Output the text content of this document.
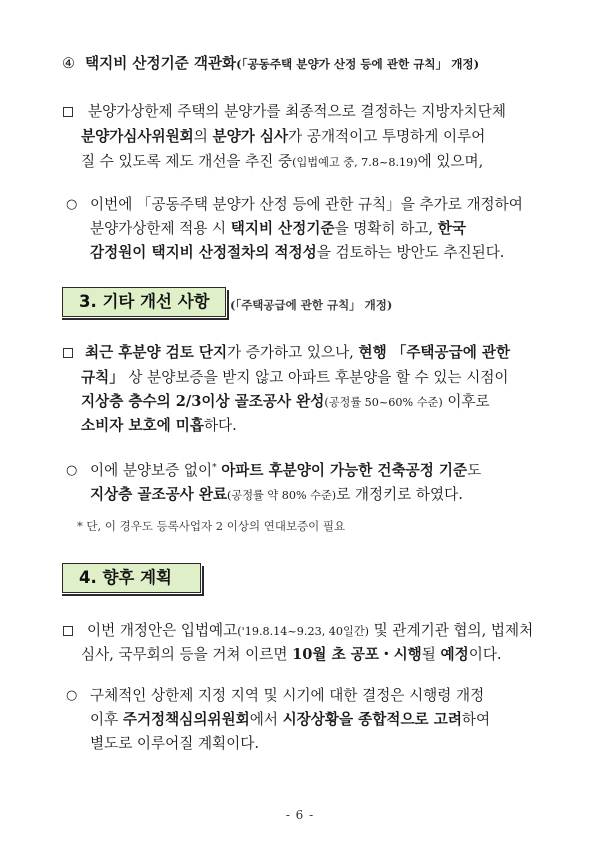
④ 택지비 산정기준 객관화(「공동주택 분양가 산정 등에 관한 규칙」 개정)
분양가상한제 주택의 분양가를 최종적으로 결정하는 지방자치단체
분양가심사위원회의 분양가 심사가 공개적이고 투명하게 이루어
질 수 있도록 제도 개선을 추진 중(입법예고 중, 7.8~8.19)에 있으며,
○ 이번에 「공동주택 분양가 산정 등에 관한 규칙」을 추가로 개정하여
분양가상한제 적용 시 택지비 산정기준을 명확히 하고, 한국
감정원이 택지비 산정절차의 적정성을 검토하는 방안도 추진된다.
3. 기타 개선 사항	(「주택공급에 관한 규칙」 개정)
최근 후분양 검토 단지가 증가하고 있으나, 현행 「주택공급에 관한
규칙」 상 분양보증을 받지 않고 아파트 후분양을 할 수 있는 시점이
지상층 층수의 2/3이상 골조공사 완성(공정률 50~60% 수준) 이후로
소비자 보호에 미흡하다.
○ 이에 분양보증 없이* 아파트 후분양이 가능한 건축공정 기준도
지상층 골조공사 완료(공정률 약 80% 수준)로 개정키로 하였다.
* 단, 이 경우도 등록사업자 2 이상의 연대보증이 필요
4. 향후 계획
이번 개정안은 입법예고('19.8.14~9.23, 40일간) 및 관계기관 협의, 법제처
심사, 국무회의 등을 거쳐 이르면 10월 초 공포・시행될 예정이다.
○ 구체적인 상한제 지정 지역 및 시기에 대한 결정은 시행령 개정
이후 주거정책심의위원회에서 시장상황을 종합적으로 고려하여
별도로 이루어질 계획이다.
- 6 -
